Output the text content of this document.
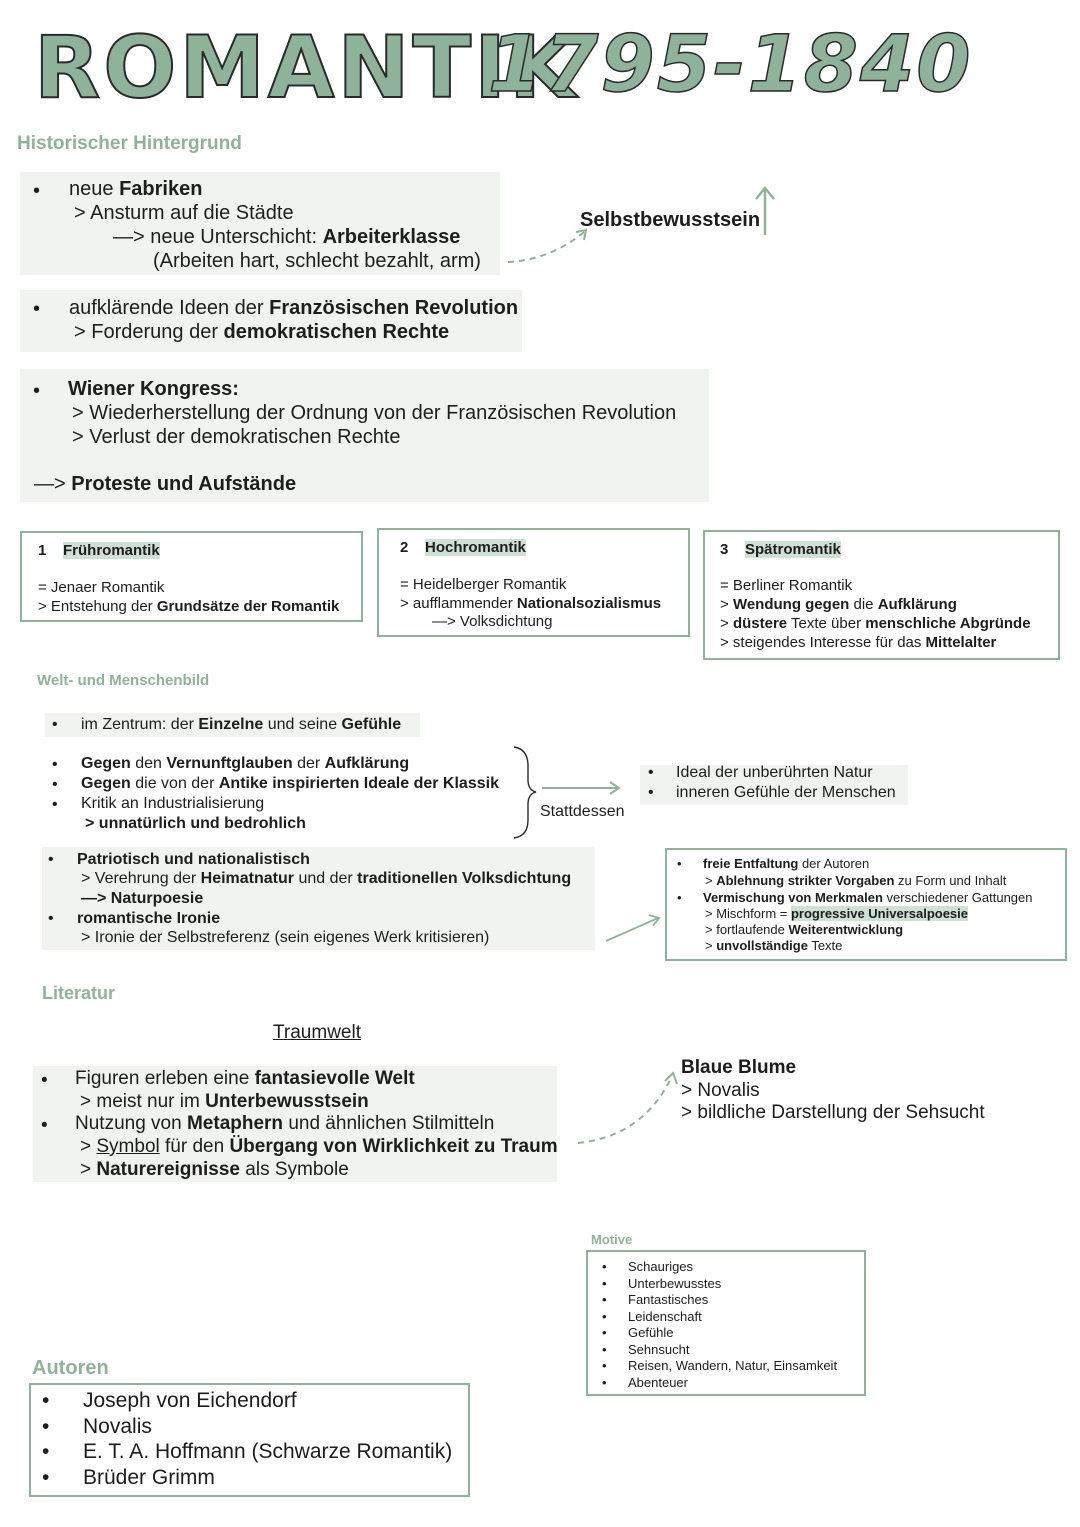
ROMANTIK
1795-1840
Historischer Hintergrund
• neue Fabriken
> Ansturm auf die Städte
—> neue Unterschicht: Arbeiterklasse
(Arbeiten hart, schlecht bezahlt, arm)
Selbstbewusstsein
• aufklärende Ideen der Französischen Revolution
> Forderung der demokratischen Rechte
• Wiener Kongress:
> Wiederherstellung der Ordnung von der Französischen Revolution
> Verlust der demokratischen Rechte
—> Proteste und Aufstände
1 Frühromantik
= Jenaer Romantik
> Entstehung der Grundsätze der Romantik
2 Hochromantik
= Heidelberger Romantik
> aufflammender Nationalsozialismus
—> Volksdichtung
3 Spätromantik
= Berliner Romantik
> Wendung gegen die Aufklärung
> düstere Texte über menschliche Abgründe
> steigendes Interesse für das Mittelalter
Welt- und Menschenbild
• im Zentrum: der Einzelne und seine Gefühle
• Gegen den Vernunftglauben der Aufklärung
• Gegen die von der Antike inspirierten Ideale der Klassik
• Kritik an Industrialisierung
> unnatürlich und bedrohlich
Stattdessen
• Ideal der unberührten Natur
• inneren Gefühle der Menschen
• Patriotisch und nationalistisch
> Verehrung der Heimatnatur und der traditionellen Volksdichtung
—> Naturpoesie
• romantische Ironie
> Ironie der Selbstreferenz (sein eigenes Werk kritisieren)
• freie Entfaltung der Autoren
> Ablehnung strikter Vorgaben zu Form und Inhalt
• Vermischung von Merkmalen verschiedener Gattungen
> Mischform = progressive Universalpoesie
> fortlaufende Weiterentwicklung
> unvollständige Texte
Literatur
Traumwelt
• Figuren erleben eine fantasievolle Welt
> meist nur im Unterbewusstsein
• Nutzung von Metaphern und ähnlichen Stilmitteln
> Symbol für den Übergang von Wirklichkeit zu Traum
> Naturereignisse als Symbole
Blaue Blume
> Novalis
> bildliche Darstellung der Sehsucht
Motive
• Schauriges
• Unterbewusstes
• Fantastisches
• Leidenschaft
• Gefühle
• Sehnsucht
• Reisen, Wandern, Natur, Einsamkeit
• Abenteuer
Autoren
• Joseph von Eichendorf
• Novalis
• E. T. A. Hoffmann (Schwarze Romantik)
• Brüder Grimm
